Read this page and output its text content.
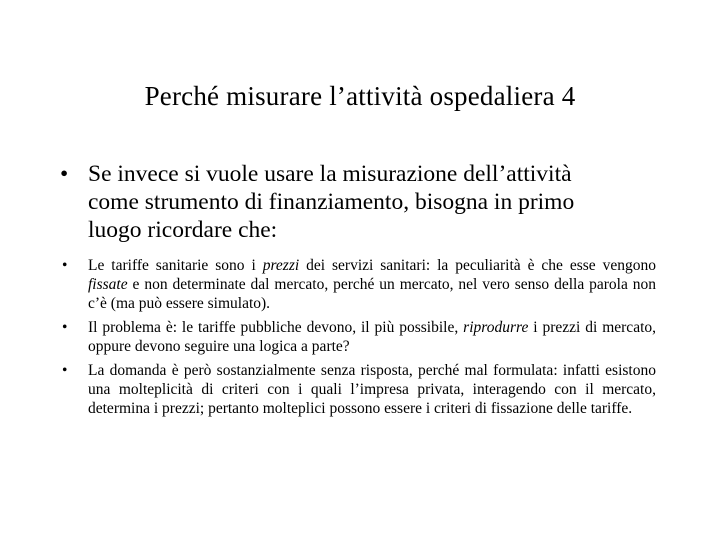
Perché misurare l’attività ospedaliera 4
• Se invece si vuole usare la misurazione dell’attività come strumento di finanziamento, bisogna in primo luogo ricordare che:
•	Le tariffe sanitarie sono i prezzi dei servizi sanitari: la peculiarità è che esse vengono fissate e non determinate dal mercato, perché un mercato, nel vero senso della parola non c’è (ma può essere simulato).
•	Il problema è: le tariffe pubbliche devono, il più possibile, riprodurre i prezzi di mercato, oppure devono seguire una logica a parte?
•	La domanda è però sostanzialmente senza risposta, perché mal formulata: infatti esistono una molteplicità di criteri con i quali l’impresa privata, interagendo con il mercato, determina i prezzi; pertanto molteplici possono essere i criteri di fissazione delle tariffe.
